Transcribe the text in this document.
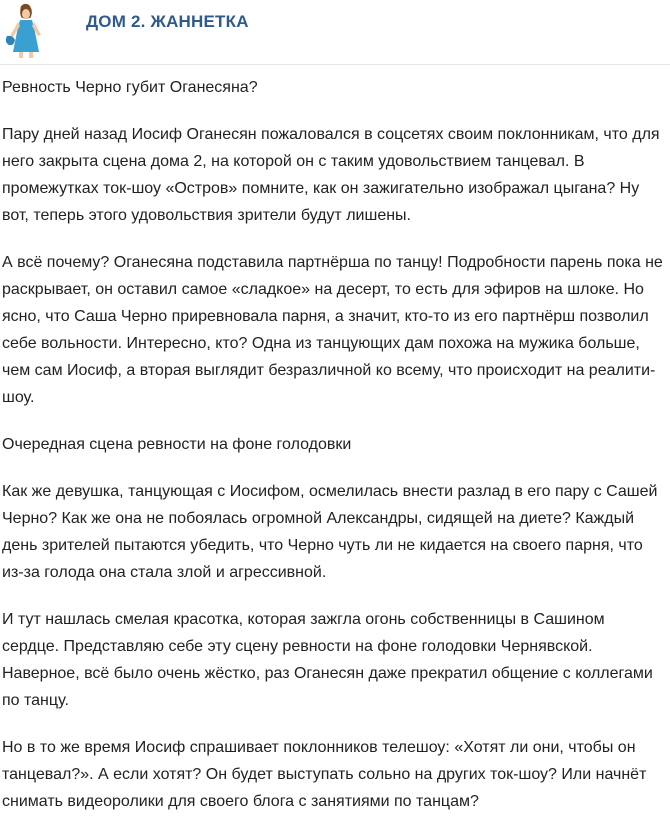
ДОМ 2. ЖАННЕТКА

Ревность Черно губит Оганесяна?

Пару дней назад Иосиф Оганесян пожаловался в соцсетях своим поклонникам, что для него закрыта сцена дома 2, на которой он с таким удовольствием танцевал. В промежутках ток-шоу «Остров» помните, как он зажигательно изображал цыгана? Ну вот, теперь этого удовольствия зрители будут лишены.

А всё почему? Оганесяна подставила партнёрша по танцу! Подробности парень пока не раскрывает, он оставил самое «сладкое» на десерт, то есть для эфиров на шлоке. Но ясно, что Саша Черно приревновала парня, а значит, кто-то из его партнёрш позволил себе вольности. Интересно, кто? Одна из танцующих дам похожа на мужика больше, чем сам Иосиф, а вторая выглядит безразличной ко всему, что происходит на реалити-шоу.

Очередная сцена ревности на фоне голодовки

Как же девушка, танцующая с Иосифом, осмелилась внести разлад в его пару с Сашей Черно? Как же она не побоялась огромной Александры, сидящей на диете? Каждый день зрителей пытаются убедить, что Черно чуть ли не кидается на своего парня, что из-за голода она стала злой и агрессивной.

И тут нашлась смелая красотка, которая зажгла огонь собственницы в Сашином сердце. Представляю себе эту сцену ревности на фоне голодовки Чернявской. Наверное, всё было очень жёстко, раз Оганесян даже прекратил общение с коллегами по танцу.

Но в то же время Иосиф спрашивает поклонников телешоу: «Хотят ли они, чтобы он танцевал?». А если хотят? Он будет выступать сольно на других ток-шоу? Или начнёт снимать видеоролики для своего блога с занятиями по танцам?
